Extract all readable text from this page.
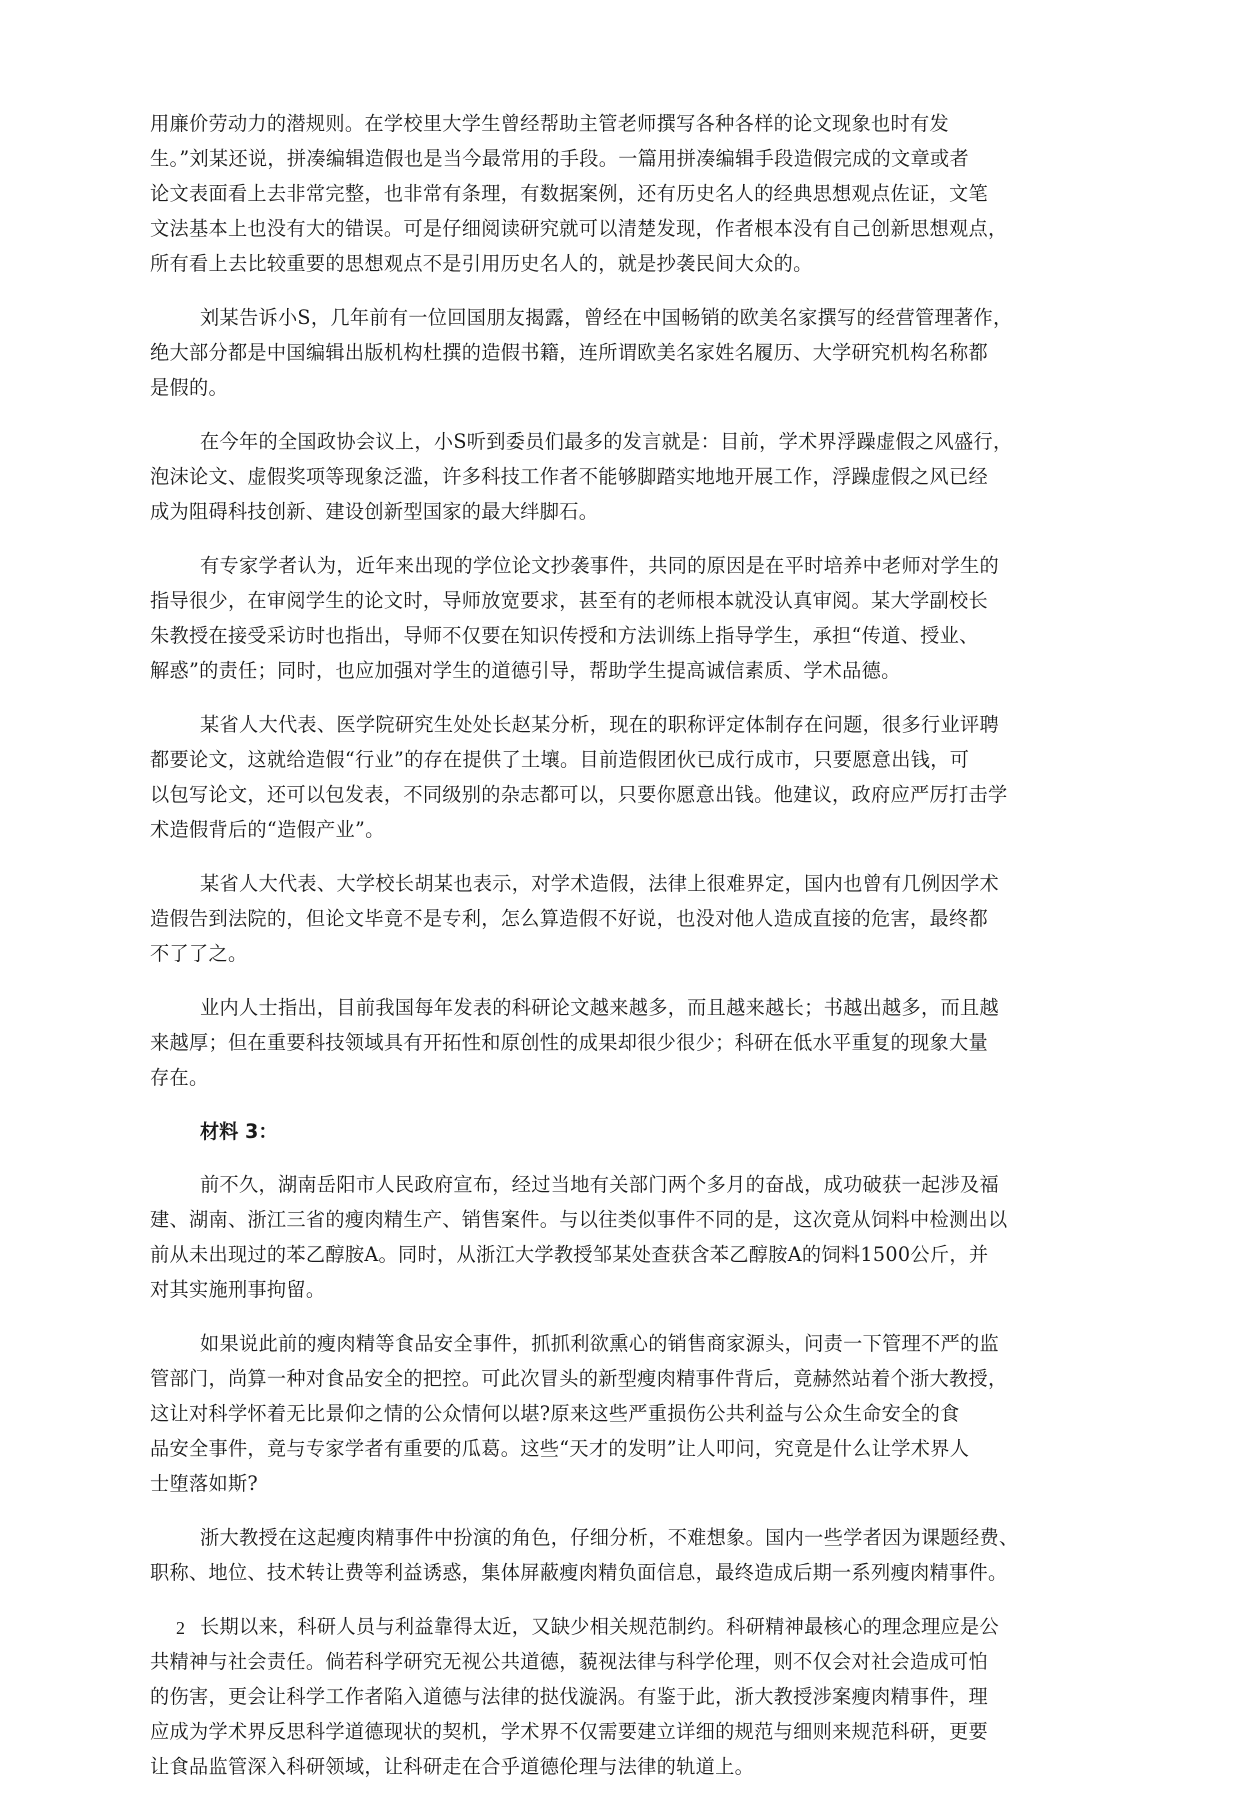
用廉价劳动力的潜规则。在学校里大学生曾经帮助主管老师撰写各种各样的论文现象也时有发
生。”刘某还说，拼凑编辑造假也是当今最常用的手段。一篇用拼凑编辑手段造假完成的文章或者
论文表面看上去非常完整，也非常有条理，有数据案例，还有历史名人的经典思想观点佐证，文笔
文法基本上也没有大的错误。可是仔细阅读研究就可以清楚发现，作者根本没有自己创新思想观点，
所有看上去比较重要的思想观点不是引用历史名人的，就是抄袭民间大众的。

刘某告诉小S，几年前有一位回国朋友揭露，曾经在中国畅销的欧美名家撰写的经营管理著作，
绝大部分都是中国编辑出版机构杜撰的造假书籍，连所谓欧美名家姓名履历、大学研究机构名称都
是假的。

在今年的全国政协会议上，小S听到委员们最多的发言就是：目前，学术界浮躁虚假之风盛行，
泡沫论文、虚假奖项等现象泛滥，许多科技工作者不能够脚踏实地地开展工作，浮躁虚假之风已经
成为阻碍科技创新、建设创新型国家的最大绊脚石。

有专家学者认为，近年来出现的学位论文抄袭事件，共同的原因是在平时培养中老师对学生的
指导很少，在审阅学生的论文时，导师放宽要求，甚至有的老师根本就没认真审阅。某大学副校长
朱教授在接受采访时也指出，导师不仅要在知识传授和方法训练上指导学生，承担“传道、授业、
解惑”的责任；同时，也应加强对学生的道德引导，帮助学生提高诚信素质、学术品德。

某省人大代表、医学院研究生处处长赵某分析，现在的职称评定体制存在问题，很多行业评聘
都要论文，这就给造假“行业”的存在提供了土壤。目前造假团伙已成行成市，只要愿意出钱，可
以包写论文，还可以包发表，不同级别的杂志都可以，只要你愿意出钱。他建议，政府应严厉打击学
术造假背后的“造假产业”。

某省人大代表、大学校长胡某也表示，对学术造假，法律上很难界定，国内也曾有几例因学术
造假告到法院的，但论文毕竟不是专利，怎么算造假不好说，也没对他人造成直接的危害，最终都
不了了之。

业内人士指出，目前我国每年发表的科研论文越来越多，而且越来越长；书越出越多，而且越
来越厚；但在重要科技领域具有开拓性和原创性的成果却很少很少；科研在低水平重复的现象大量
存在。

材料 3：

前不久，湖南岳阳市人民政府宣布，经过当地有关部门两个多月的奋战，成功破获一起涉及福
建、湖南、浙江三省的瘦肉精生产、销售案件。与以往类似事件不同的是，这次竟从饲料中检测出以
前从未出现过的苯乙醇胺A。同时，从浙江大学教授邹某处查获含苯乙醇胺A的饲料1500公斤，并
对其实施刑事拘留。

如果说此前的瘦肉精等食品安全事件，抓抓利欲熏心的销售商家源头，问责一下管理不严的监
管部门，尚算一种对食品安全的把控。可此次冒头的新型瘦肉精事件背后，竟赫然站着个浙大教授，
这让对科学怀着无比景仰之情的公众情何以堪?原来这些严重损伤公共利益与公众生命安全的食
品安全事件，竟与专家学者有重要的瓜葛。这些“天才的发明”让人叩问，究竟是什么让学术界人
士堕落如斯?

浙大教授在这起瘦肉精事件中扮演的角色，仔细分析，不难想象。国内一些学者因为课题经费、
职称、地位、技术转让费等利益诱惑，集体屏蔽瘦肉精负面信息，最终造成后期一系列瘦肉精事件。

长期以来，科研人员与利益靠得太近，又缺少相关规范制约。科研精神最核心的理念理应是公
共精神与社会责任。倘若科学研究无视公共道德，藐视法律与科学伦理，则不仅会对社会造成可怕
的伤害，更会让科学工作者陷入道德与法律的挞伐漩涡。有鉴于此，浙大教授涉案瘦肉精事件，理
应成为学术界反思科学道德现状的契机，学术界不仅需要建立详细的规范与细则来规范科研，更要
让食品监管深入科研领域，让科研走在合乎道德伦理与法律的轨道上。

2
